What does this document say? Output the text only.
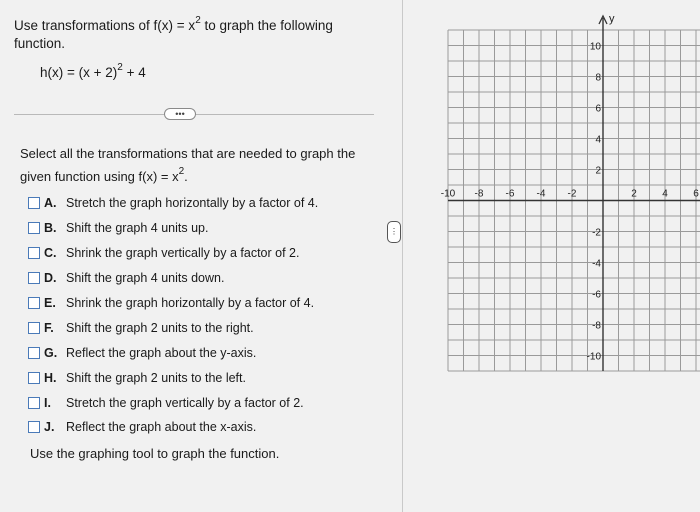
Use transformations of $f(x) = x^2$ to graph the following
function.
$h(x) = (x + 2)^2 + 4$
•••
Select all the transformations that are needed to graph the
given function using $f(x) = x^2$.
A. Stretch the graph horizontally by a factor of 4.
B. Shift the graph 4 units up.
C. Shrink the graph vertically by a factor of 2.
D. Shift the graph 4 units down.
E. Shrink the graph horizontally by a factor of 4.
F. Shift the graph 2 units to the right.
G. Reflect the graph about the y-axis.
H. Shift the graph 2 units to the left.
I.	Stretch the graph vertically by a factor of 2.
J. Reflect the graph about the x-axis.
Use the graphing tool to graph the function.
⋮
y
-10 -8 -6 -4 -2	2	4	6
10
8
6
4
2
-2
-4
-6
-8
-10
